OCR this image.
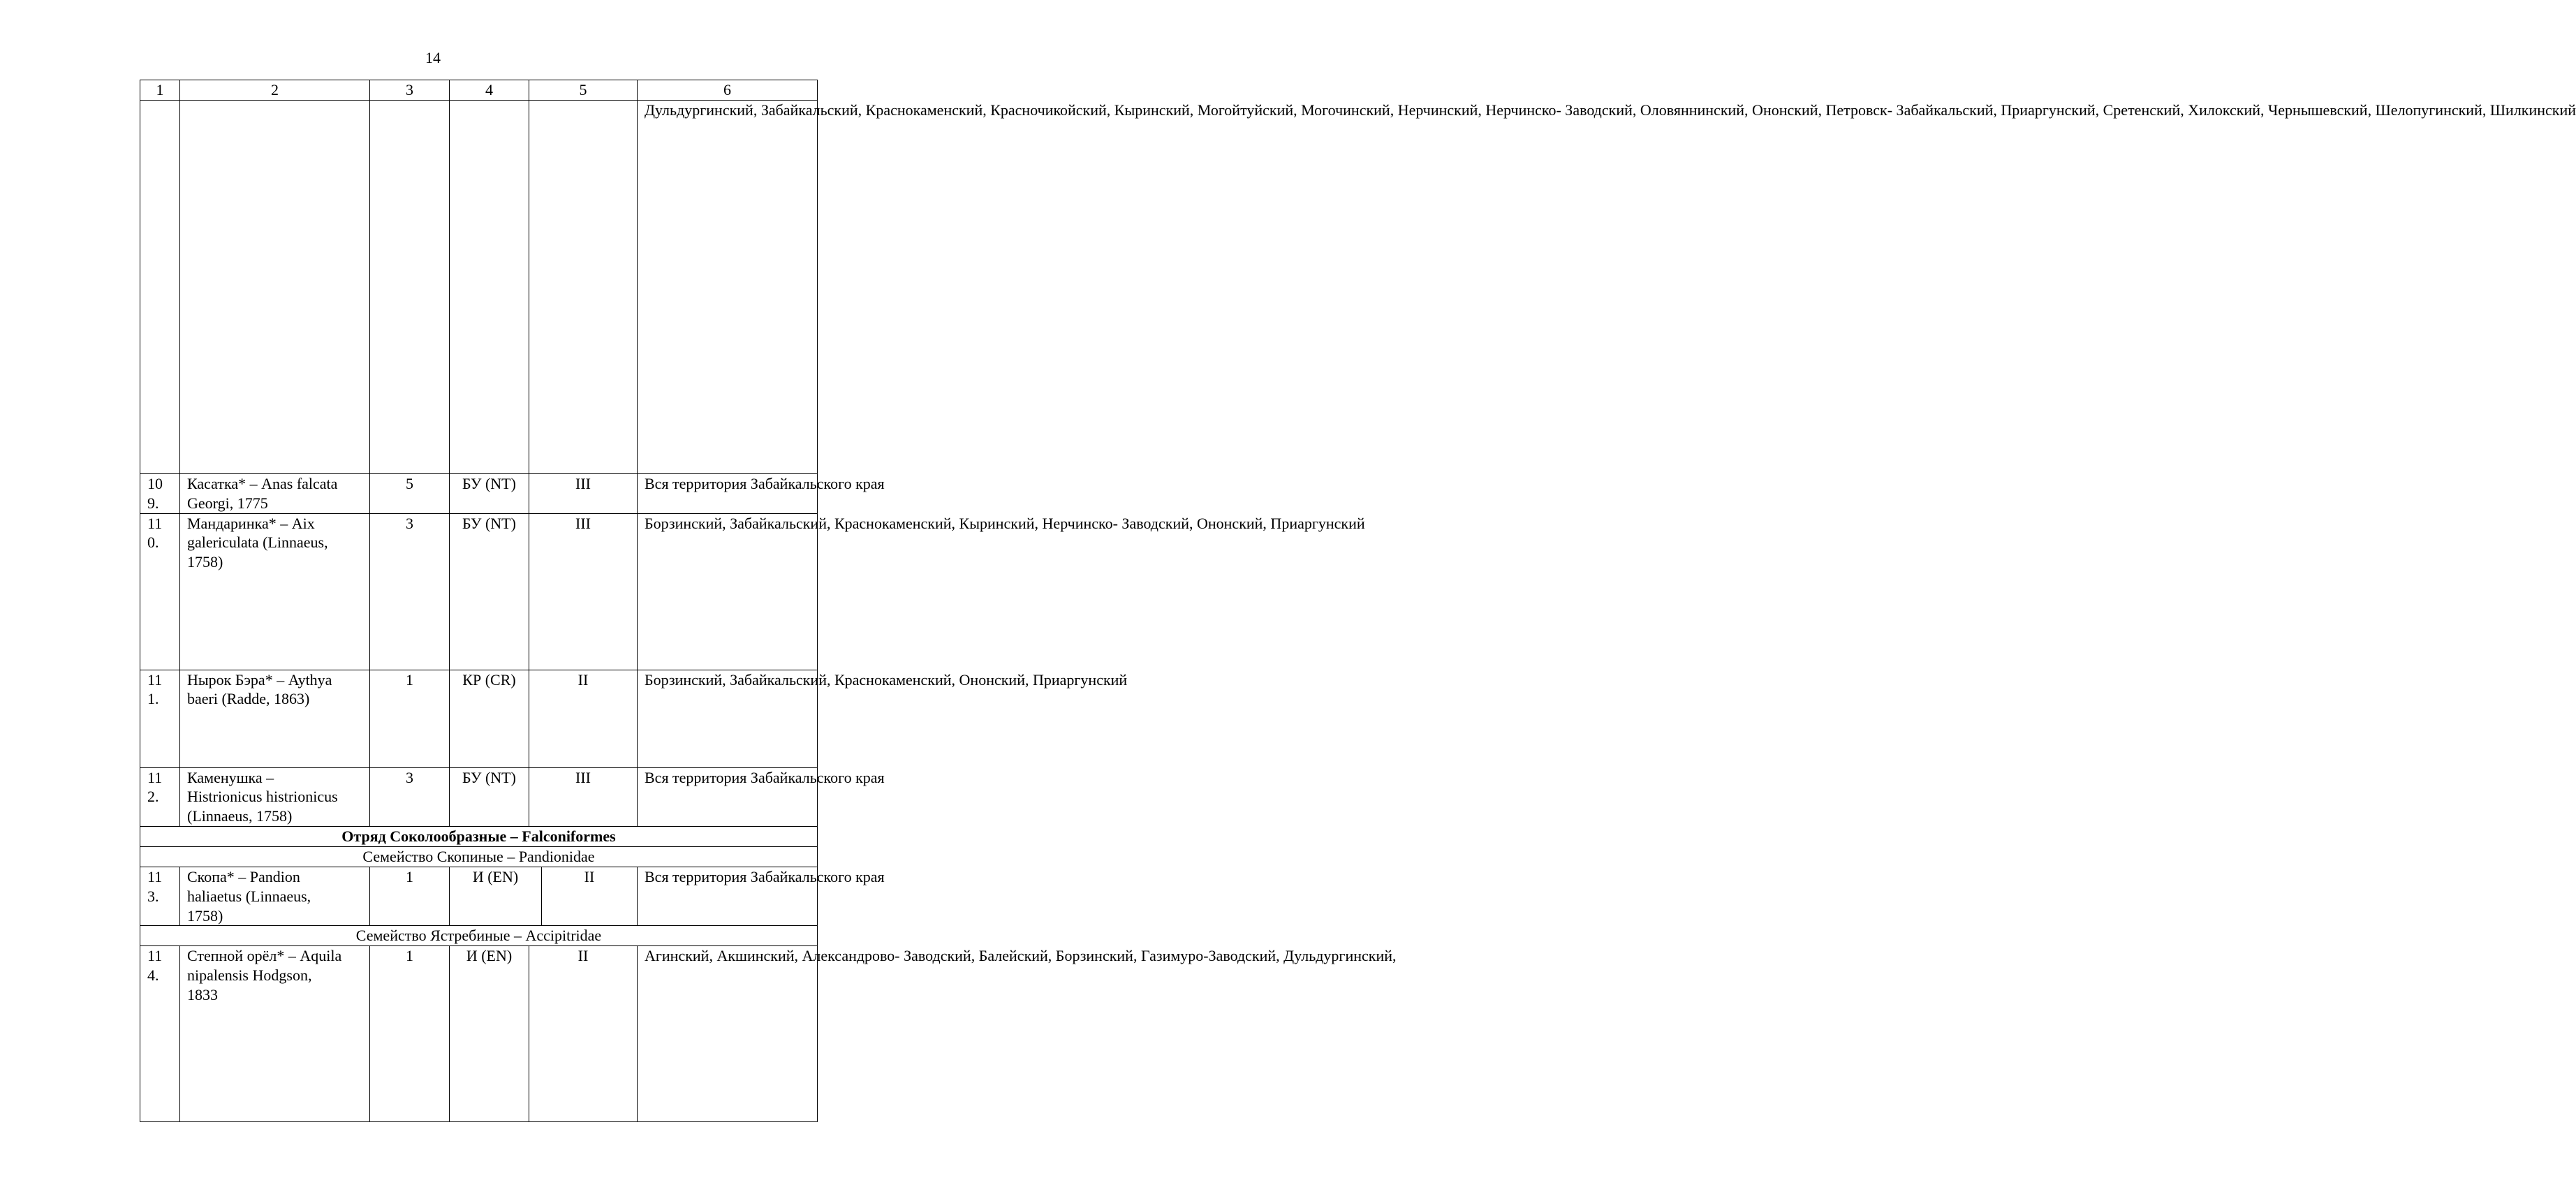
14
1	2	3	4	5		6
						Дульдургинский, Забайкальский, Краснокаменский, Красночикойский, Кыринский, Могойтуйский, Могочинский, Нерчинский, Нерчинско- Заводский, Оловяннинский, Ононский, Петровск- Забайкальский, Приаргунский, Сретенский, Хилокский, Чернышевский, Шелопугинский, Шилкинский
10
9.	Касатка* – Anas falcata
Georgi, 1775	5	БУ (NT)	III		Вся территория Забайкальского края
11
0.	Мандаринка* – Aix
galericulata (Linnaeus,
1758)	3	БУ (NT)	III		Борзинский, Забайкальский, Краснокаменский, Кыринский, Нерчинско- Заводский, Ононский, Приаргунский
11
1.	Нырок Бэра* – Aythya
baeri (Radde, 1863)	1	КР (CR)	II		Борзинский, Забайкальский, Краснокаменский, Ононский, Приаргунский
11
2.	Каменушка –
Histrionicus histrionicus
(Linnaeus, 1758)	3	БУ (NT)	III		Вся территория Забайкальского края
Отряд Соколообразные – Falconiformes						
Семейство Скопиные – Pandionidae						
11
3.	Скопа* – Pandion
haliaetus (Linnaeus,
1758)	1	И (EN)		II	Вся территория Забайкальского края
Семейство Ястребиные – Accipitridae						
11
4.	Степной орёл* – Aquila
nipalensis Hodgson,
1833	1	И (EN)	II		Агинский, Акшинский, Александрово- Заводский, Балейский, Борзинский, Газимуро-Заводский, Дульдургинский,
